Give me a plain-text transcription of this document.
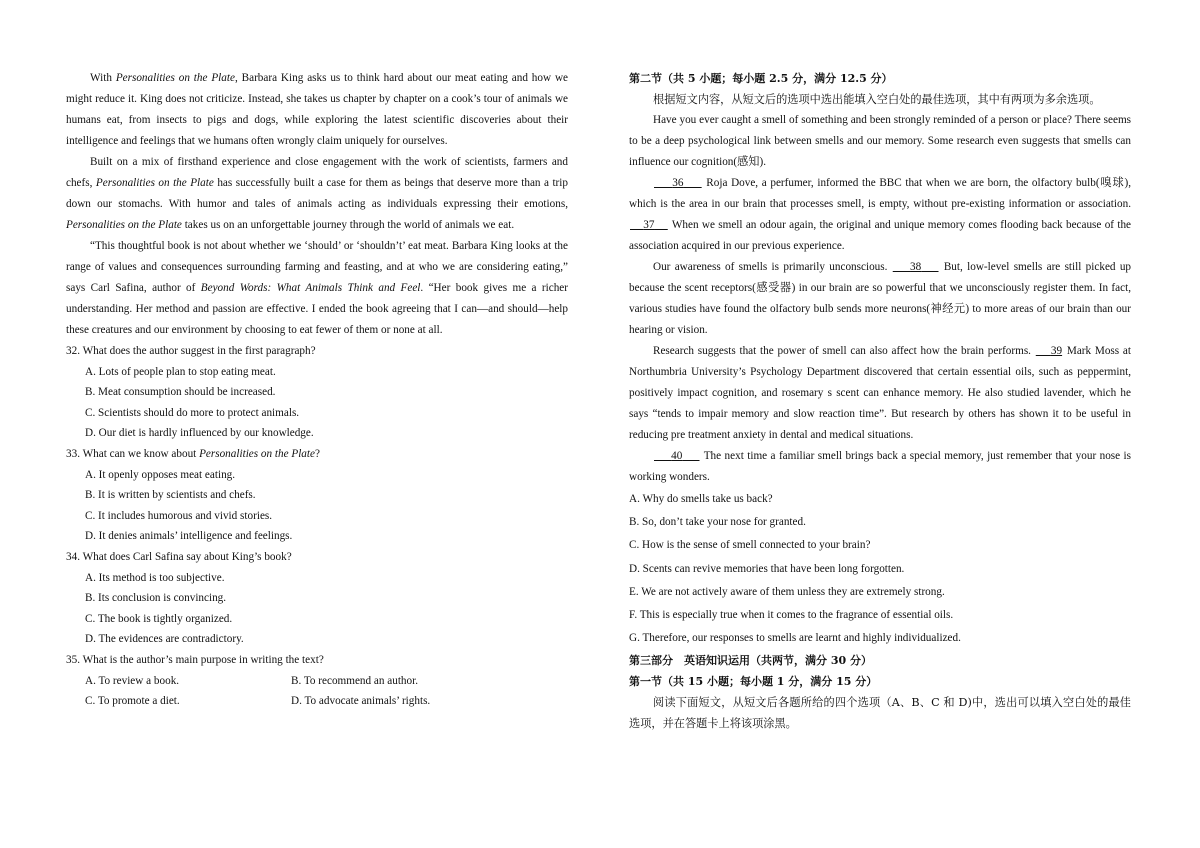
With Personalities on the Plate, Barbara King asks us to think hard about our meat eating and how we might reduce it. King does not criticize. Instead, she takes us chapter by chapter on a cook’s tour of animals we humans eat, from insects to pigs and dogs, while exploring the latest scientific discoveries about their intelligence and feelings that we humans often wrongly claim uniquely for ourselves.

Built on a mix of firsthand experience and close engagement with the work of scientists, farmers and chefs, Personalities on the Plate has successfully built a case for them as beings that deserve more than a trip down our stomachs. With humor and tales of animals acting as individuals expressing their emotions, Personalities on the Plate takes us on an unforgettable journey through the world of animals we eat.

“This thoughtful book is not about whether we ‘should’ or ‘shouldn’t’ eat meat. Barbara King looks at the range of values and consequences surrounding farming and feasting, and at who we are considering eating,” says Carl Safina, author of Beyond Words: What Animals Think and Feel. “Her book gives me a richer understanding. Her method and passion are effective. I ended the book agreeing that I can—and should—help these creatures and our environment by choosing to eat fewer of them or none at all.

32. What does the author suggest in the first paragraph?

A. Lots of people plan to stop eating meat.

B. Meat consumption should be increased.

C. Scientists should do more to protect animals.

D. Our diet is hardly influenced by our knowledge.

33. What can we know about Personalities on the Plate?

A. It openly opposes meat eating.

B. It is written by scientists and chefs.

C. It includes humorous and vivid stories.

D. It denies animals’ intelligence and feelings.

34. What does Carl Safina say about King’s book?

A. Its method is too subjective.

B. Its conclusion is convincing.

C. The book is tightly organized.

D. The evidences are contradictory.

35. What is the author’s main purpose in writing the text?

A. To review a book.	B. To recommend an author.
C. To promote a diet.	D. To advocate animals’ rights.

第二节（共 5 小题；每小题 2.5 分，满分 12.5 分）

根据短文内容，从短文后的选项中选出能填入空白处的最佳选项，其中有两项为多余选项。

Have you ever caught a smell of something and been strongly reminded of a person or place? There seems to be a deep psychological link between smells and our memory. Some research even suggests that smells can influence our cognition(感知).

36      Roja Dove, a perfumer, informed the BBC that when we are born, the olfactory bulb(嗅球), which is the area in our brain that processes smell, is empty, without pre-existing information or association.     37     When we smell an odour again, the original and unique memory comes flooding back because of the association acquired in our previous experience.

Our awareness of smells is primarily unconscious.     38     But, low-level smells are still picked up because the scent receptors(感受器) in our brain are so powerful that we unconsciously register them. In fact, various studies have found the olfactory bulb sends more neurons(神经元) to more areas of our brain than our hearing or vision.

Research suggests that the power of smell can also affect how the brain performs.     39 Mark Moss at Northumbria University’s Psychology Department discovered that certain essential oils, such as peppermint, positively impact cognition, and rosemary s scent can enhance memory. He also studied lavender, which he says “tends to impair memory and slow reaction time”. But research by others has shown it to be useful in reducing pre treatment anxiety in dental and medical situations.

40      The next time a familiar smell brings back a special memory, just remember that your nose is working wonders.

A. Why do smells take us back?

B. So, don’t take your nose for granted.

C. How is the sense of smell connected to your brain?

D. Scents can revive memories that have been long forgotten.

E. We are not actively aware of them unless they are extremely strong.

F. This is especially true when it comes to the fragrance of essential oils.

G. Therefore, our responses to smells are learnt and highly individualized.

第三部分　英语知识运用（共两节，满分 30 分）

第一节（共 15 小题；每小题 1 分，满分 15 分）

阅读下面短文，从短文后各题所给的四个选项（A、B、C 和 D)中，选出可以填入空白处的最佳选项，并在答题卡上将该项涂黑。
